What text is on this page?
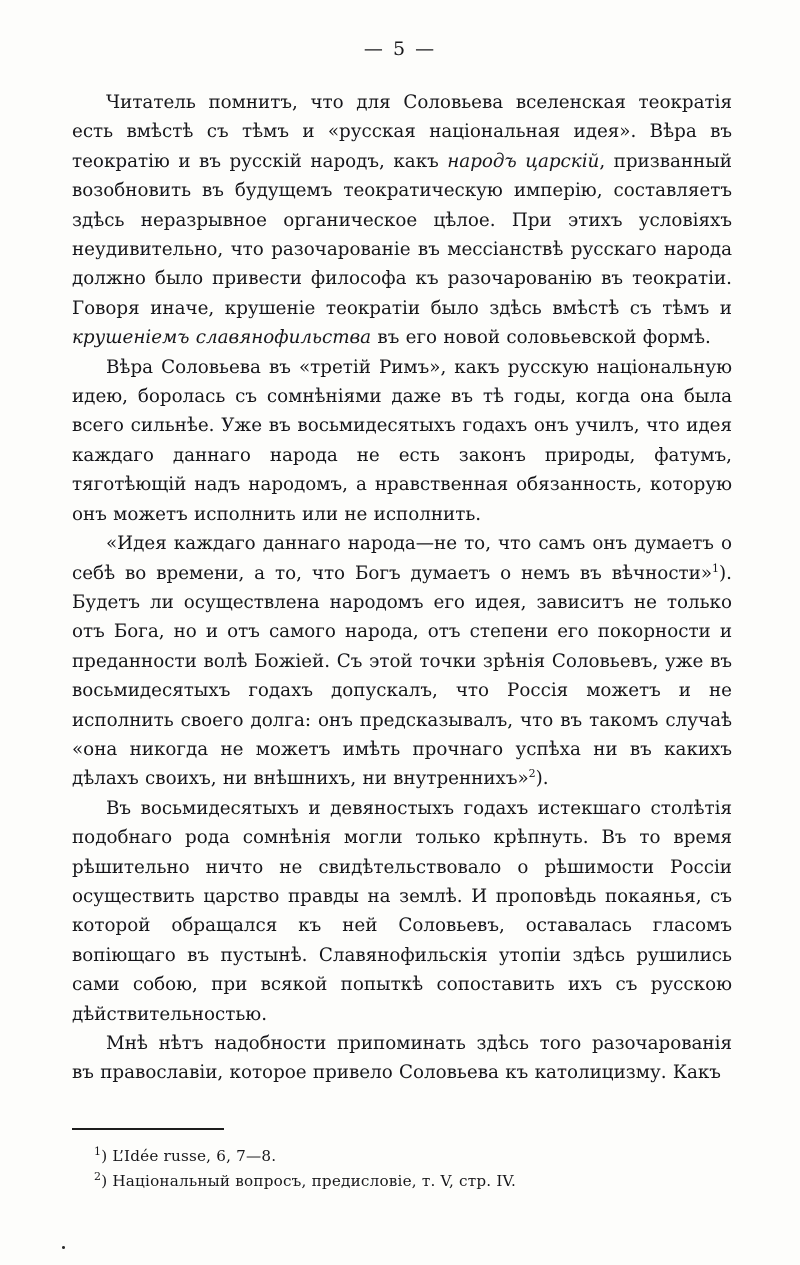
— 5 —

Читатель помнитъ, что для Соловьева вселенская теократія есть вмѣстѣ съ тѣмъ и «русская національная идея». Вѣра въ теократію и въ русскій народъ, какъ народъ царскій, призванный возобновить въ будущемъ теократическую имперію, составляетъ здѣсь неразрывное органическое цѣлое. При этихъ условіяхъ неудивительно, что разочарованіе въ мессіанствѣ русскаго народа должно было привести философа къ разочарованію въ теократіи. Говоря иначе, крушеніе теократіи было здѣсь вмѣстѣ съ тѣмъ и крушеніемъ славянофильства въ его новой соловьевской формѣ.

Вѣра Соловьева въ «третій Римъ», какъ русскую національную идею, боролась съ сомнѣніями даже въ тѣ годы, когда она была всего сильнѣе. Уже въ восьмидесятыхъ годахъ онъ училъ, что идея каждаго даннаго народа не есть законъ природы, фатумъ, тяготѣющій надъ народомъ, а нравственная обязанность, которую онъ можетъ исполнить или не исполнить.

«Идея каждаго даннаго народа—не то, что самъ онъ думаетъ о себѣ во времени, а то, что Богъ думаетъ о немъ въ вѣчности»$^1$). Будетъ ли осуществлена народомъ его идея, зависитъ не только отъ Бога, но и отъ самого народа, отъ степени его покорности и преданности волѣ Божіей. Съ этой точки зрѣнія Соловьевъ, уже въ восьмидесятыхъ годахъ допускалъ, что Россія можетъ и не исполнить своего долга: онъ предсказывалъ, что въ такомъ случаѣ «она никогда не можетъ имѣть прочнаго успѣха ни въ какихъ дѣлахъ своихъ, ни внѣшнихъ, ни внутреннихъ»$^2$).

Въ восьмидесятыхъ и девяностыхъ годахъ истекшаго столѣтія подобнаго рода сомнѣнія могли только крѣпнуть. Въ то время рѣшительно ничто не свидѣтельствовало о рѣшимости Россіи осуществить царство правды на землѣ. И проповѣдь покаянья, съ которой обращался къ ней Соловьевъ, оставалась гласомъ вопіющаго въ пустынѣ. Славянофильскія утопіи здѣсь рушились сами собою, при всякой попыткѣ сопоставить ихъ съ русскою дѣйствительностью.

Мнѣ нѣтъ надобности припоминать здѣсь того разочарованія въ православіи, которое привело Соловьева къ католицизму. Какъ

$^1$) L’Idée russe, 6, 7—8.

$^2$) Національный вопросъ, предисловіе, т. V, стр. IV.
